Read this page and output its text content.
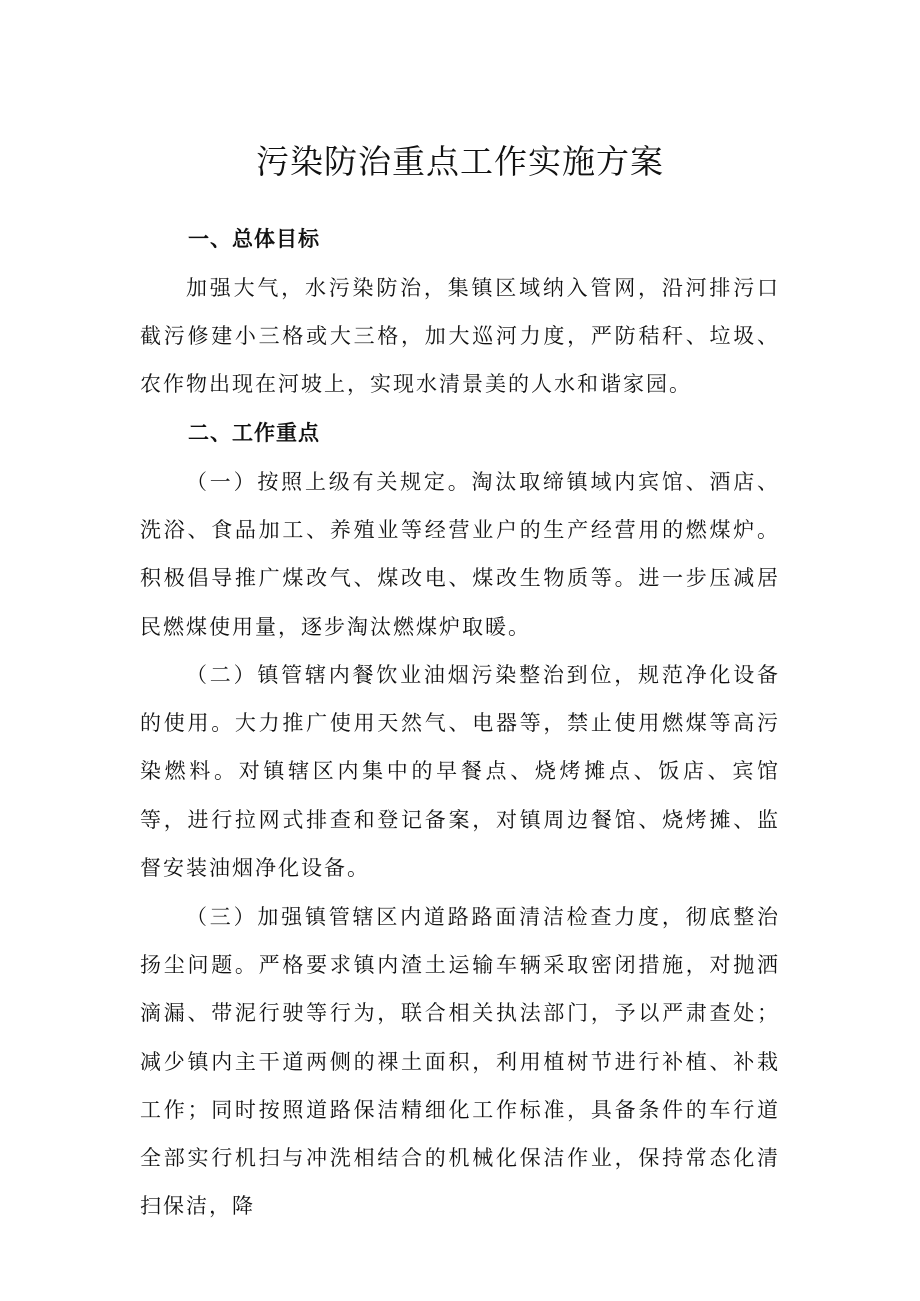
污染防治重点工作实施方案
一、总体目标

加强大气，水污染防治，集镇区域纳入管网，沿河排污口截污修建小三格或大三格，加大巡河力度，严防秸秆、垃圾、农作物出现在河坡上，实现水清景美的人水和谐家园。

二、工作重点

（一）按照上级有关规定。淘汰取缔镇域内宾馆、酒店、洗浴、食品加工、养殖业等经营业户的生产经营用的燃煤炉。积极倡导推广煤改气、煤改电、煤改生物质等。进一步压减居民燃煤使用量，逐步淘汰燃煤炉取暖。

（二）镇管辖内餐饮业油烟污染整治到位，规范净化设备的使用。大力推广使用天然气、电器等，禁止使用燃煤等高污染燃料。对镇辖区内集中的早餐点、烧烤摊点、饭店、宾馆等，进行拉网式排查和登记备案，对镇周边餐馆、烧烤摊、监督安装油烟净化设备。

（三）加强镇管辖区内道路路面清洁检查力度，彻底整治扬尘问题。严格要求镇内渣土运输车辆采取密闭措施，对抛洒滴漏、带泥行驶等行为，联合相关执法部门，予以严肃查处；减少镇内主干道两侧的裸土面积，利用植树节进行补植、补栽工作；同时按照道路保洁精细化工作标准，具备条件的车行道全部实行机扫与冲洗相结合的机械化保洁作业，保持常态化清扫保洁，降
